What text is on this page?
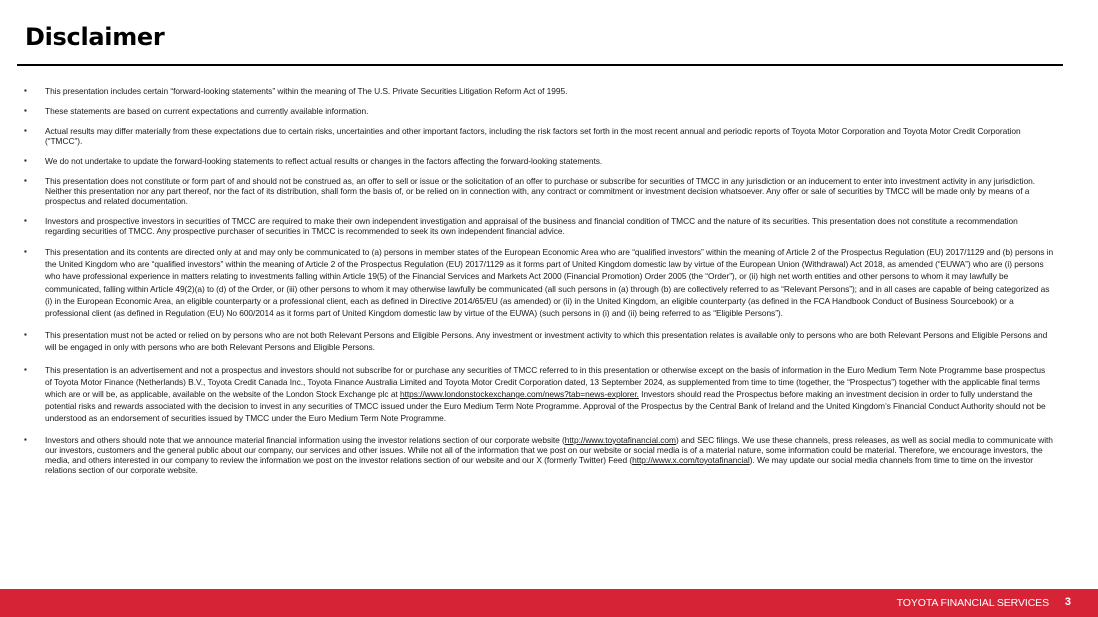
Disclaimer
▪ This presentation includes certain “forward-looking statements” within the meaning of The U.S. Private Securities Litigation Reform Act of 1995.
▪ These statements are based on current expectations and currently available information.
▪ Actual results may differ materially from these expectations due to certain risks, uncertainties and other important factors, including the risk factors set forth in the most recent annual and periodic reports of Toyota Motor Corporation and Toyota Motor Credit Corporation (“TMCC”).
▪ We do not undertake to update the forward-looking statements to reflect actual results or changes in the factors affecting the forward-looking statements.
▪ This presentation does not constitute or form part of and should not be construed as, an offer to sell or issue or the solicitation of an offer to purchase or subscribe for securities of TMCC in any jurisdiction or an inducement to enter into investment activity in any jurisdiction. Neither this presentation nor any part thereof, nor the fact of its distribution, shall form the basis of, or be relied on in connection with, any contract or commitment or investment decision whatsoever. Any offer or sale of securities by TMCC will be made only by means of a prospectus and related documentation.
▪ Investors and prospective investors in securities of TMCC are required to make their own independent investigation and appraisal of the business and financial condition of TMCC and the nature of its securities. This presentation does not constitute a recommendation regarding securities of TMCC. Any prospective purchaser of securities in TMCC is recommended to seek its own independent financial advice.
▪ This presentation and its contents are directed only at and may only be communicated to (a) persons in member states of the European Economic Area who are “qualified investors” within the meaning of Article 2 of the Prospectus Regulation (EU) 2017/1129 and (b) persons in the United Kingdom who are “qualified investors” within the meaning of Article 2 of the Prospectus Regulation (EU) 2017/1129 as it forms part of United Kingdom domestic law by virtue of the European Union (Withdrawal) Act 2018, as amended (“EUWA”) who are (i) persons who have professional experience in matters relating to investments falling within Article 19(5) of the Financial Services and Markets Act 2000 (Financial Promotion) Order 2005 (the “Order”), or (ii) high net worth entities and other persons to whom it may lawfully be communicated, falling within Article 49(2)(a) to (d) of the Order, or (iii) other persons to whom it may otherwise lawfully be communicated (all such persons in (a) through (b) are collectively referred to as “Relevant Persons”); and in all cases are capable of being categorized as (i) in the European Economic Area, an eligible counterparty or a professional client, each as defined in Directive 2014/65/EU (as amended) or (ii) in the United Kingdom, an eligible counterparty (as defined in the FCA Handbook Conduct of Business Sourcebook) or a professional client (as defined in Regulation (EU) No 600/2014 as it forms part of United Kingdom domestic law by virtue of the EUWA) (such persons in (i) and (ii) being referred to as “Eligible Persons”).
▪ This presentation must not be acted or relied on by persons who are not both Relevant Persons and Eligible Persons. Any investment or investment activity to which this presentation relates is available only to persons who are both Relevant Persons and Eligible Persons and will be engaged in only with persons who are both Relevant Persons and Eligible Persons.
▪ This presentation is an advertisement and not a prospectus and investors should not subscribe for or purchase any securities of TMCC referred to in this presentation or otherwise except on the basis of information in the Euro Medium Term Note Programme base prospectus of Toyota Motor Finance (Netherlands) B.V., Toyota Credit Canada Inc., Toyota Finance Australia Limited and Toyota Motor Credit Corporation dated, 13 September 2024, as supplemented from time to time (together, the “Prospectus”) together with the applicable final terms which are or will be, as applicable, available on the website of the London Stock Exchange plc at https://www.londonstockexchange.com/news?tab=news-explorer. Investors should read the Prospectus before making an investment decision in order to fully understand the potential risks and rewards associated with the decision to invest in any securities of TMCC issued under the Euro Medium Term Note Programme. Approval of the Prospectus by the Central Bank of Ireland and the United Kingdom’s Financial Conduct Authority should not be understood as an endorsement of securities issued by TMCC under the Euro Medium Term Note Programme.
▪ Investors and others should note that we announce material financial information using the investor relations section of our corporate website (http://www.toyotafinancial.com) and SEC filings. We use these channels, press releases, as well as social media to communicate with our investors, customers and the general public about our company, our services and other issues. While not all of the information that we post on our website or social media is of a material nature, some information could be material. Therefore, we encourage investors, the media, and others interested in our company to review the information we post on the investor relations section of our website and our X (formerly Twitter) Feed (http://www.x.com/toyotafinancial). We may update our social media channels from time to time on the investor relations section of our corporate website.
TOYOTA FINANCIAL SERVICES 3
